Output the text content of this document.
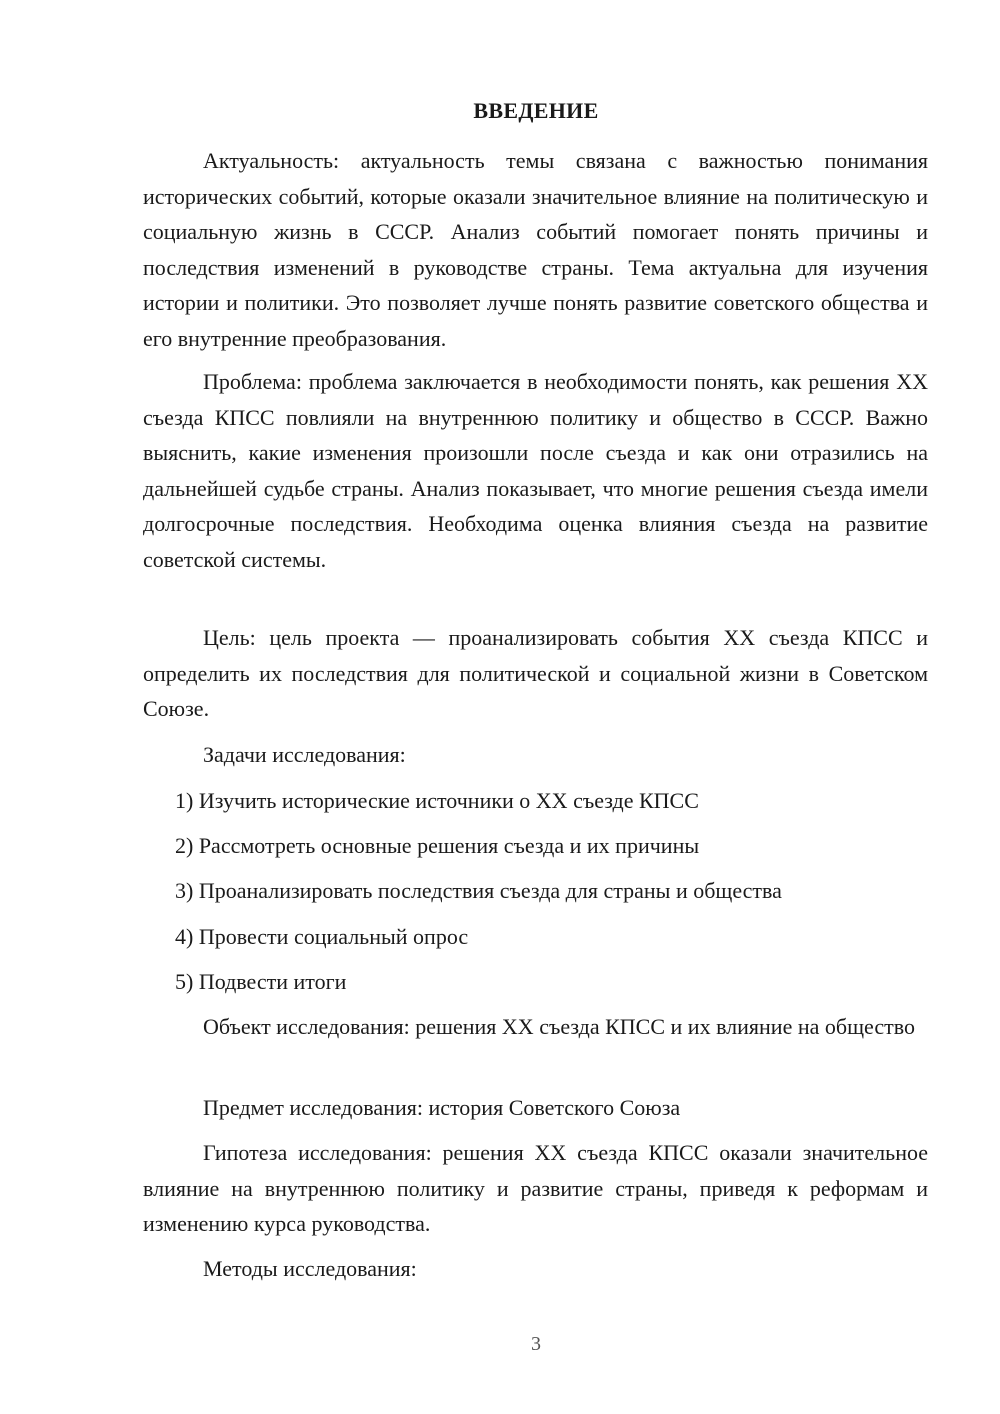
ВВЕДЕНИЕ

Актуальность: актуальность темы связана с важностью понимания исторических событий, которые оказали значительное влияние на политическую и социальную жизнь в СССР. Анализ событий помогает понять причины и последствия изменений в руководстве страны. Тема актуальна для изучения истории и политики. Это позволяет лучше понять развитие советского общества и его внутренние преобразования.

Проблема: проблема заключается в необходимости понять, как решения XX съезда КПСС повлияли на внутреннюю политику и общество в СССР. Важно выяснить, какие изменения произошли после съезда и как они отразились на дальнейшей судьбе страны. Анализ показывает, что многие решения съезда имели долгосрочные последствия. Необходима оценка влияния съезда на развитие советской системы.

Цель: цель проекта — проанализировать события XX съезда КПСС и определить их последствия для политической и социальной жизни в Советском Союзе.

Задачи исследования:

1) Изучить исторические источники о XX съезде КПСС

2) Рассмотреть основные решения съезда и их причины

3) Проанализировать последствия съезда для страны и общества

4) Провести социальный опрос

5) Подвести итоги

Объект исследования: решения XX съезда КПСС и их влияние на общество

Предмет исследования: история Советского Союза

Гипотеза исследования: решения XX съезда КПСС оказали значительное влияние на внутреннюю политику и развитие страны, приведя к реформам и изменению курса руководства.

Методы исследования:

3
